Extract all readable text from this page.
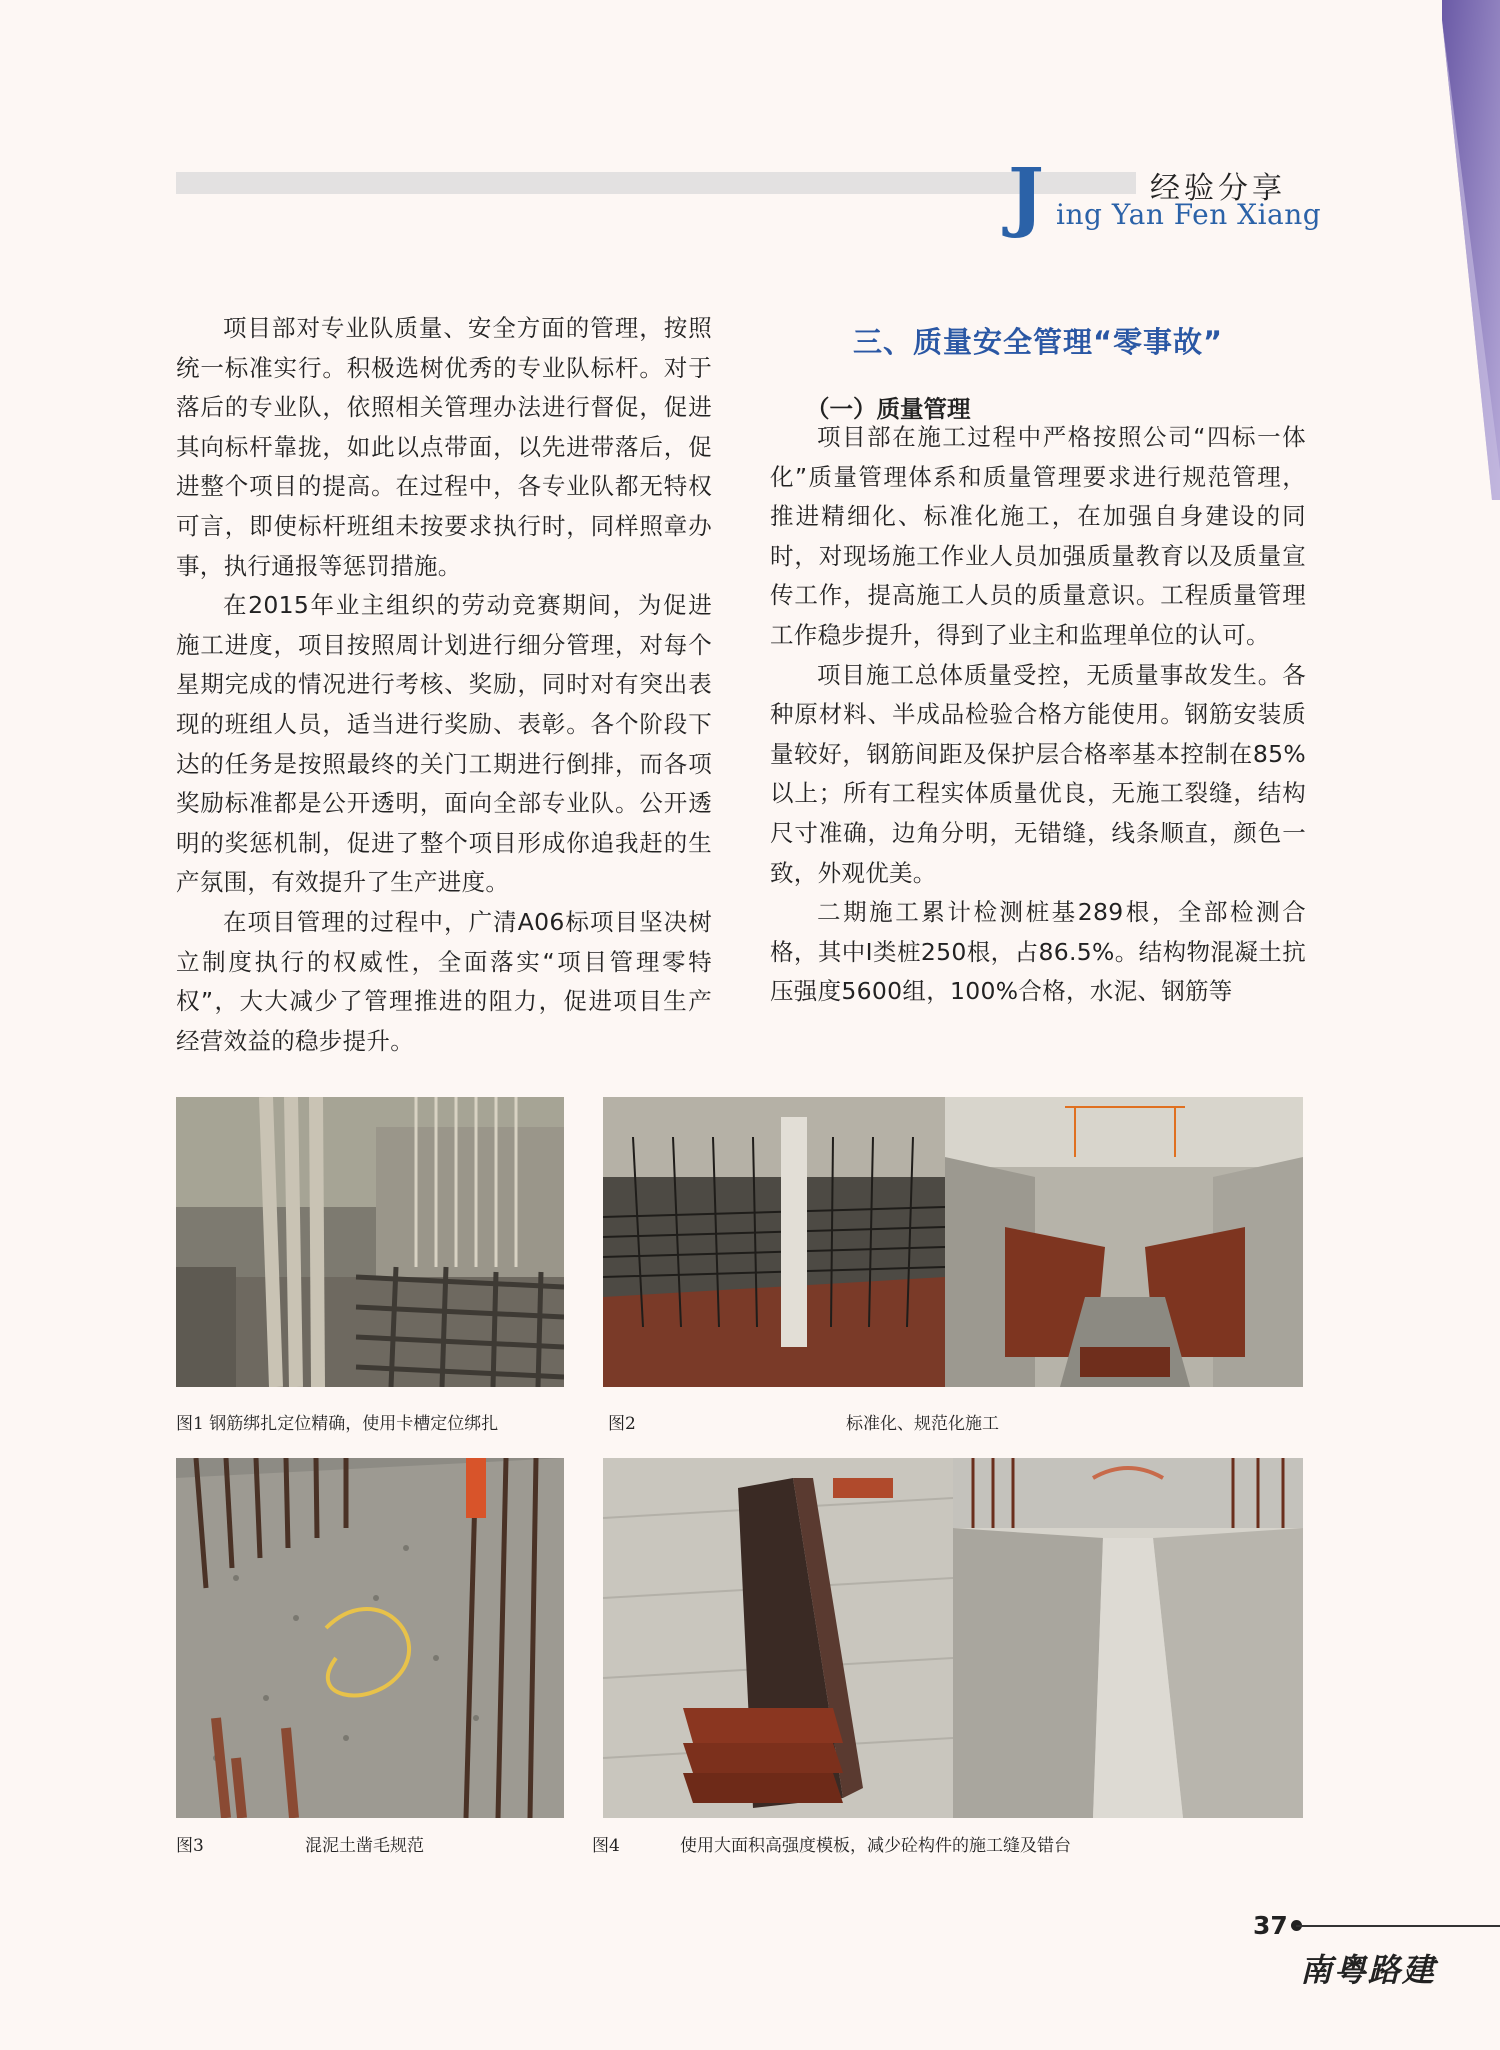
经验分享
J ing Yan Fen Xiang

项目部对专业队质量、安全方面的管理，按照统一标准实行。积极选树优秀的专业队标杆。对于落后的专业队，依照相关管理办法进行督促，促进其向标杆靠拢，如此以点带面，以先进带落后，促进整个项目的提高。在过程中，各专业队都无特权可言，即使标杆班组未按要求执行时，同样照章办事，执行通报等惩罚措施。

在2015年业主组织的劳动竞赛期间，为促进施工进度，项目按照周计划进行细分管理，对每个星期完成的情况进行考核、奖励，同时对有突出表现的班组人员，适当进行奖励、表彰。各个阶段下达的任务是按照最终的关门工期进行倒排，而各项奖励标准都是公开透明，面向全部专业队。公开透明的奖惩机制，促进了整个项目形成你追我赶的生产氛围，有效提升了生产进度。

在项目管理的过程中，广清A06标项目坚决树立制度执行的权威性，全面落实“项目管理零特权”，大大减少了管理推进的阻力，促进项目生产经营效益的稳步提升。

三、质量安全管理“零事故”
（一）质量管理

项目部在施工过程中严格按照公司“四标一体化”质量管理体系和质量管理要求进行规范管理，推进精细化、标准化施工，在加强自身建设的同时，对现场施工作业人员加强质量教育以及质量宣传工作，提高施工人员的质量意识。工程质量管理工作稳步提升，得到了业主和监理单位的认可。

项目施工总体质量受控，无质量事故发生。各种原材料、半成品检验合格方能使用。钢筋安装质量较好，钢筋间距及保护层合格率基本控制在85%以上；所有工程实体质量优良，无施工裂缝，结构尺寸准确，边角分明，无错缝，线条顺直，颜色一致，外观优美。

二期施工累计检测桩基289根，全部检测合格，其中Ⅰ类桩250根，占86.5%。结构物混凝土抗压强度5600组，100%合格，水泥、钢筋等

图1 钢筋绑扎定位精确，使用卡槽定位绑扎	图2	标准化、规范化施工
图3	混泥土凿毛规范	图4	使用大面积高强度模板，减少砼构件的施工缝及错台
37
南粤路建
